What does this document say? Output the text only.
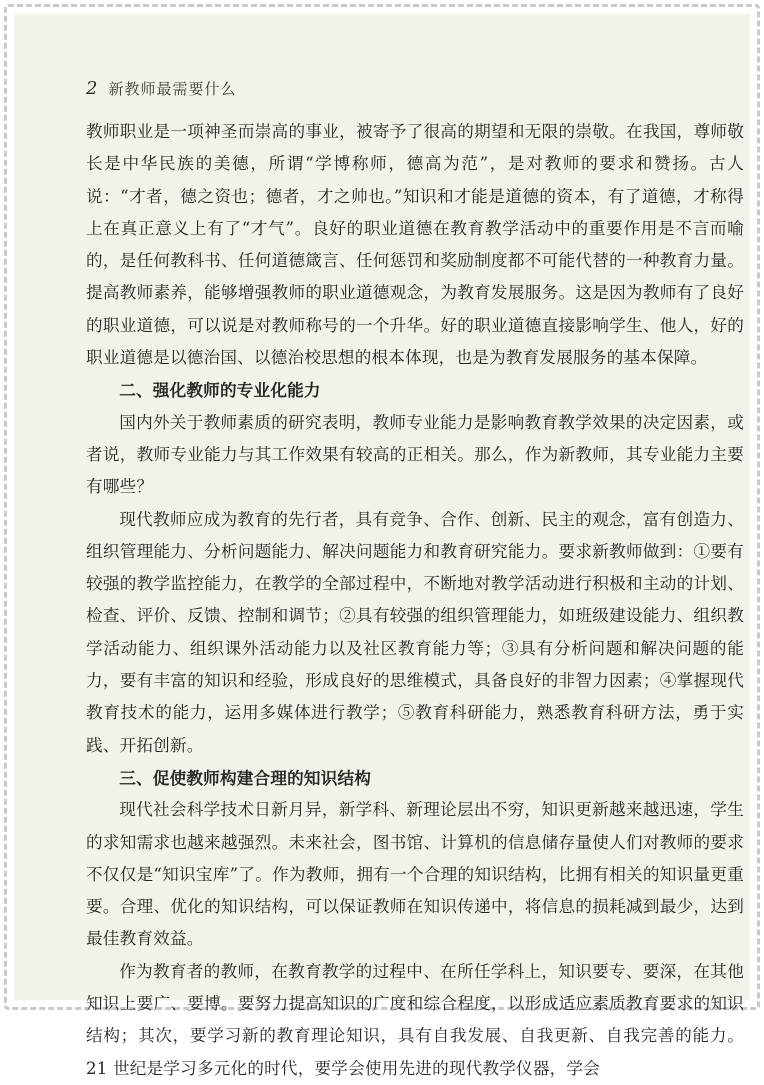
2 新教师最需要什么

教师职业是一项神圣而崇高的事业，被寄予了很高的期望和无限的崇敬。在我国，尊师敬长是中华民族的美德，所谓“学博称师，德高为范”，是对教师的要求和赞扬。古人说：“才者，德之资也；德者，才之帅也。”知识和才能是道德的资本，有了道德，才称得上在真正意义上有了“才气”。良好的职业道德在教育教学活动中的重要作用是不言而喻的，是任何教科书、任何道德箴言、任何惩罚和奖励制度都不可能代替的一种教育力量。提高教师素养，能够增强教师的职业道德观念，为教育发展服务。这是因为教师有了良好的职业道德，可以说是对教师称号的一个升华。好的职业道德直接影响学生、他人，好的职业道德是以德治国、以德治校思想的根本体现，也是为教育发展服务的基本保障。

二、强化教师的专业化能力

国内外关于教师素质的研究表明，教师专业能力是影响教育教学效果的决定因素，或者说，教师专业能力与其工作效果有较高的正相关。那么，作为新教师，其专业能力主要有哪些？

现代教师应成为教育的先行者，具有竞争、合作、创新、民主的观念，富有创造力、组织管理能力、分析问题能力、解决问题能力和教育研究能力。要求新教师做到：①要有较强的教学监控能力，在教学的全部过程中，不断地对教学活动进行积极和主动的计划、检查、评价、反馈、控制和调节；②具有较强的组织管理能力，如班级建设能力、组织教学活动能力、组织课外活动能力以及社区教育能力等；③具有分析问题和解决问题的能力，要有丰富的知识和经验，形成良好的思维模式，具备良好的非智力因素；④掌握现代教育技术的能力，运用多媒体进行教学；⑤教育科研能力，熟悉教育科研方法，勇于实践、开拓创新。

三、促使教师构建合理的知识结构

现代社会科学技术日新月异，新学科、新理论层出不穷，知识更新越来越迅速，学生的求知需求也越来越强烈。未来社会，图书馆、计算机的信息储存量使人们对教师的要求不仅仅是“知识宝库”了。作为教师，拥有一个合理的知识结构，比拥有相关的知识量更重要。合理、优化的知识结构，可以保证教师在知识传递中，将信息的损耗减到最少，达到最佳教育效益。

作为教育者的教师，在教育教学的过程中、在所任学科上，知识要专、要深，在其他知识上要广、要博。要努力提高知识的广度和综合程度，以形成适应素质教育要求的知识结构；其次，要学习新的教育理论知识，具有自我发展、自我更新、自我完善的能力。21 世纪是学习多元化的时代，要学会使用先进的现代教学仪器，学会
